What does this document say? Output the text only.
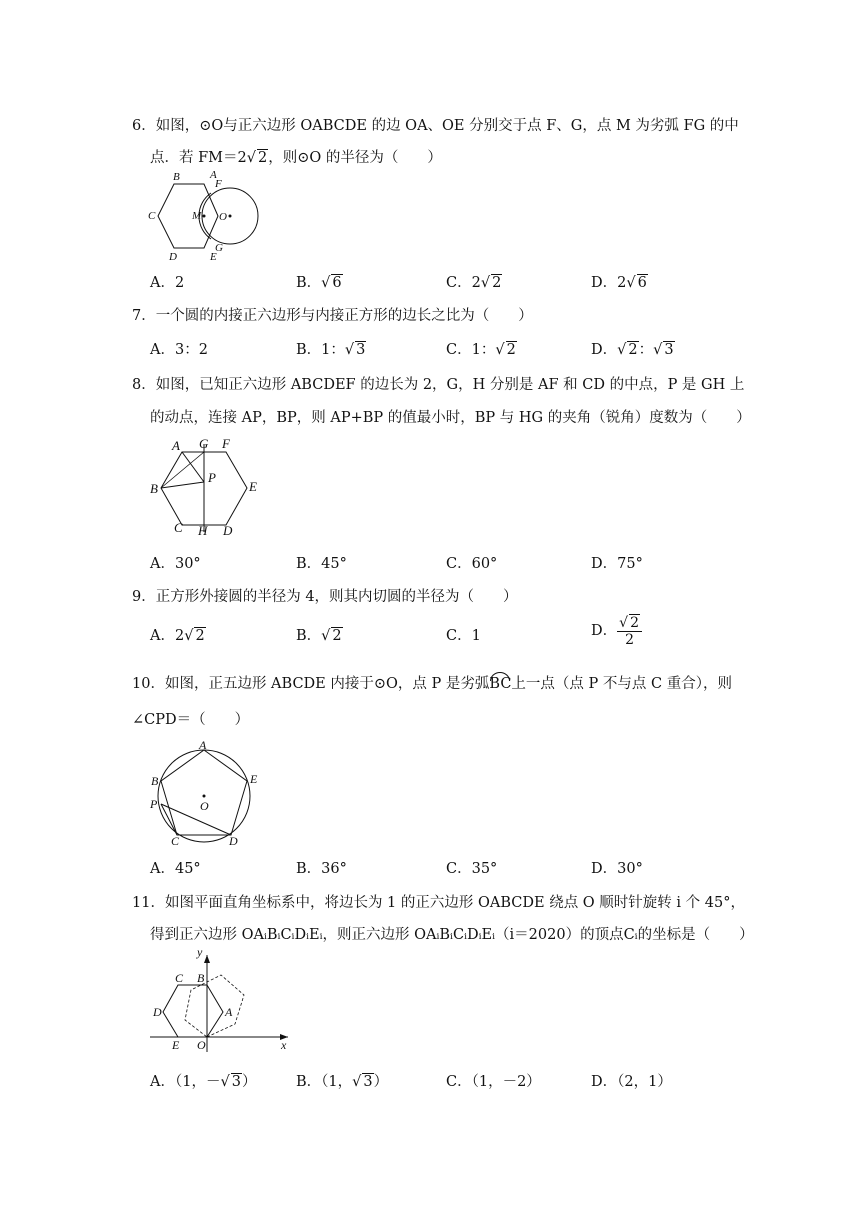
6．如图，⊙O与正六边形 OABCDE 的边 OA、OE 分别交于点 F、G，点 M 为劣弧 FG 的中
点．若 FM＝2√ 2，则⊙O 的半径为（　　）
B	A
F
C	M O
G
D	E
A．2	B．√ 6	C．2√ 2	D．2√ 6
7．一个圆的内接正六边形与内接正方形的边长之比为（　　）
A．3：2	B．1：√ 3	C．1：√ 2	D．√ 2：√ 3
8．如图，已知正六边形 ABCDEF 的边长为 2，G，H 分别是 AF 和 CD 的中点，P 是 GH 上
的动点，连接 AP，BP，则 AP+BP 的值最小时，BP 与 HG 的夹角（锐角）度数为（　　）
A G F
P
B	E
C H D
A．30°	B．45°	C．60°	D．75°
9．正方形外接圆的半径为 4，则其内切圆的半径为（　　）
A．2√ 2	B．√ 2	C．1	D． $\frac{√ 2}{2}$
10．如图，正五边形 ABCDE 内接于⊙O，点 P 是劣弧BC上一点（点 P 不与点 C 重合），则
∠CPD＝（　　）
A
E
B
P	O
C	D
A．45°	B．36°	C．35°	D．30°
11．如图平面直角坐标系中，将边长为 1 的正六边形 OABCDE 绕点 O 顺时针旋转 i 个 45°，
得到正六边形 OAᵢBᵢCᵢDᵢEᵢ，则正六边形 OAᵢBᵢCᵢDᵢEᵢ（i＝2020）的顶点Cᵢ的坐标是（　　）
y
C B
D	A
E O	x
A．（1，－√ 3）	B．（1，√ 3）	C．（1，－2）	D．（2，1）
